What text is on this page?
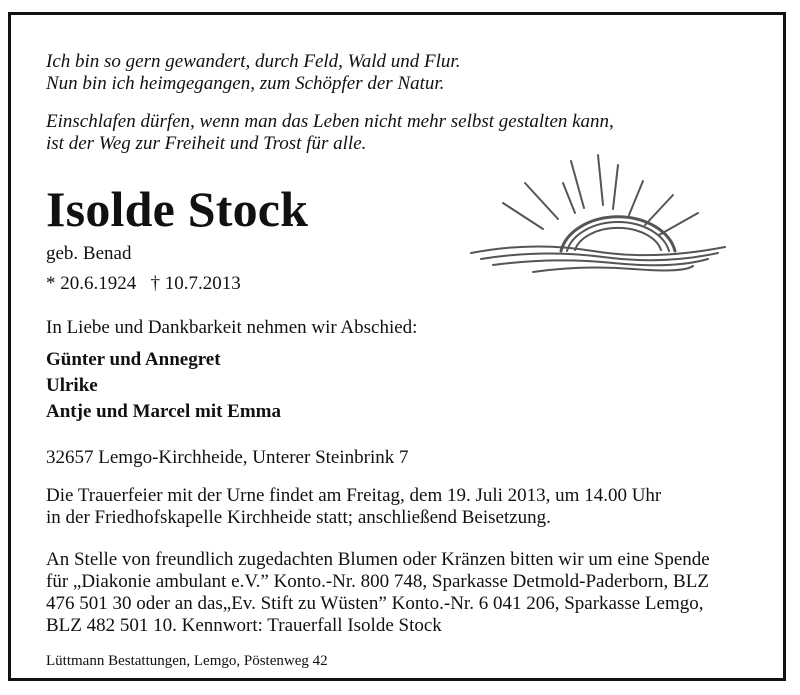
Ich bin so gern gewandert, durch Feld, Wald und Flur.
Nun bin ich heimgegangen, zum Schöpfer der Natur.
Einschlafen dürfen, wenn man das Leben nicht mehr selbst gestalten kann,
ist der Weg zur Freiheit und Trost für alle.
Isolde Stock
geb. Benad
* 20.6.1924   † 10.7.2013
In Liebe und Dankbarkeit nehmen wir Abschied:
Günter und Annegret
Ulrike
Antje und Marcel mit Emma
32657 Lemgo-Kirchheide, Unterer Steinbrink 7
Die Trauerfeier mit der Urne findet am Freitag, dem 19. Juli 2013, um 14.00 Uhr
in der Friedhofskapelle Kirchheide statt; anschließend Beisetzung.
An Stelle von freundlich zugedachten Blumen oder Kränzen bitten wir um eine Spende
für „Diakonie ambulant e.V.” Konto.-Nr. 800 748, Sparkasse Detmold-Paderborn, BLZ
476 501 30 oder an das„Ev. Stift zu Wüsten” Konto.-Nr. 6 041 206, Sparkasse Lemgo,
BLZ 482 501 10. Kennwort: Trauerfall Isolde Stock
Lüttmann Bestattungen, Lemgo, Pöstenweg 42
